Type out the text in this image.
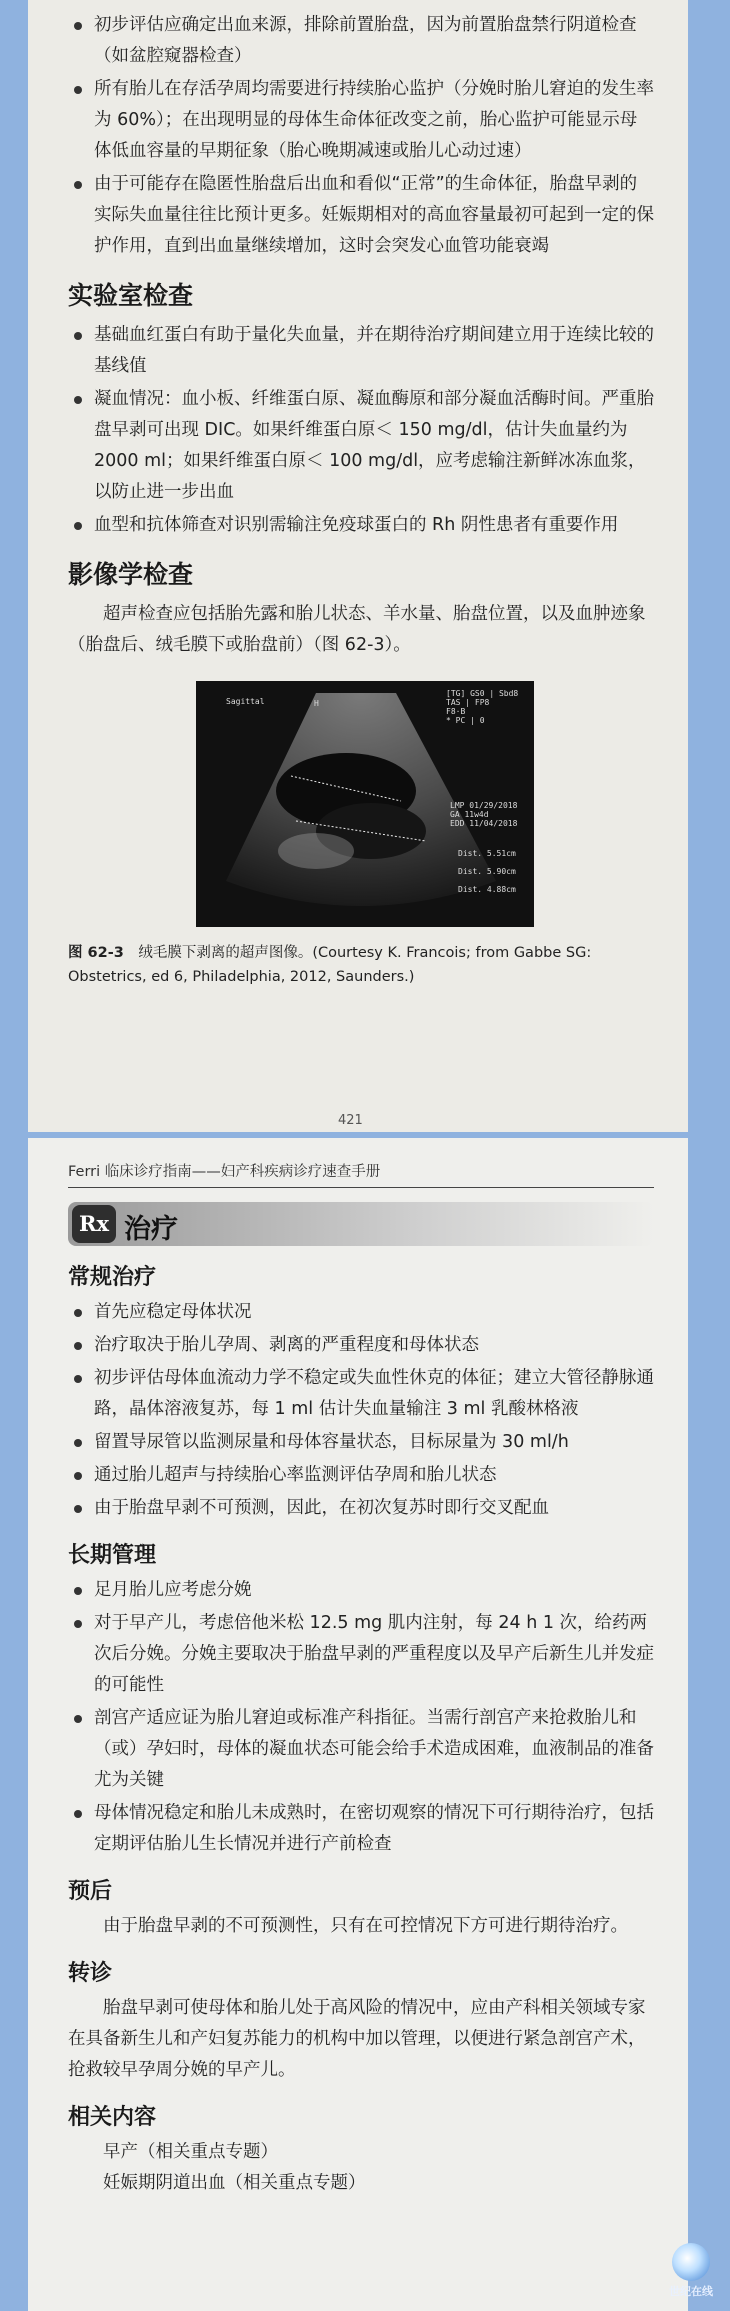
初步评估应确定出血来源，排除前置胎盘，因为前置胎盘禁行阴道检查（如盆腔窥器检查）
所有胎儿在存活孕周均需要进行持续胎心监护（分娩时胎儿窘迫的发生率为 60%）；在出现明显的母体生命体征改变之前，胎心监护可能显示母体低血容量的早期征象（胎心晚期减速或胎儿心动过速）
由于可能存在隐匿性胎盘后出血和看似“正常”的生命体征，胎盘早剥的实际失血量往往比预计更多。妊娠期相对的高血容量最初可起到一定的保护作用，直到出血量继续增加，这时会突发心血管功能衰竭
实验室检查
基础血红蛋白有助于量化失血量，并在期待治疗期间建立用于连续比较的基线值
凝血情况：血小板、纤维蛋白原、凝血酶原和部分凝血活酶时间。严重胎盘早剥可出现 DIC。如果纤维蛋白原＜ 150 mg/dl，估计失血量约为 2000 ml；如果纤维蛋白原＜ 100 mg/dl，应考虑输注新鲜冰冻血浆，以防止进一步出血
血型和抗体筛查对识别需输注免疫球蛋白的 Rh 阴性患者有重要作用
影像学检查

超声检查应包括胎先露和胎儿状态、羊水量、胎盘位置，以及血肿迹象（胎盘后、绒毛膜下或胎盘前）（图 62-3）。

Sagittal	H
[TG] GS0 | Sbd8
TAS | FP8
F8·B
* PC | 0
LMP 01/29/2018
GA 11w4d
EDD 11/04/2018
Dist. 5.51cm

Dist. 5.90cm

Dist. 4.88cm
图 62-3　绒毛膜下剥离的超声图像。(Courtesy K. Francois; from Gabbe SG: Obstetrics, ed 6, Philadelphia, 2012, Saunders.)
421
Ferri 临床诊疗指南——妇产科疾病诊疗速查手册
Rx 治疗
常规治疗
首先应稳定母体状况
治疗取决于胎儿孕周、剥离的严重程度和母体状态
初步评估母体血流动力学不稳定或失血性休克的体征；建立大管径静脉通路，晶体溶液复苏，每 1 ml 估计失血量输注 3 ml 乳酸林格液
留置导尿管以监测尿量和母体容量状态，目标尿量为 30 ml/h
通过胎儿超声与持续胎心率监测评估孕周和胎儿状态
由于胎盘早剥不可预测，因此，在初次复苏时即行交叉配血
长期管理
足月胎儿应考虑分娩
对于早产儿，考虑倍他米松 12.5 mg 肌内注射，每 24 h 1 次，给药两次后分娩。分娩主要取决于胎盘早剥的严重程度以及早产后新生儿并发症的可能性
剖宫产适应证为胎儿窘迫或标准产科指征。当需行剖宫产来抢救胎儿和（或）孕妇时，母体的凝血状态可能会给手术造成困难，血液制品的准备尤为关键
母体情况稳定和胎儿未成熟时，在密切观察的情况下可行期待治疗，包括定期评估胎儿生长情况并进行产前检查
预后

由于胎盘早剥的不可预测性，只有在可控情况下方可进行期待治疗。

转诊

胎盘早剥可使母体和胎儿处于高风险的情况中，应由产科相关领域专家在具备新生儿和产妇复苏能力的机构中加以管理，以便进行紧急剖宫产术，抢救较早孕周分娩的早产儿。

相关内容

早产（相关重点专题）

妊娠期阴道出血（相关重点专题）

世纪在线
